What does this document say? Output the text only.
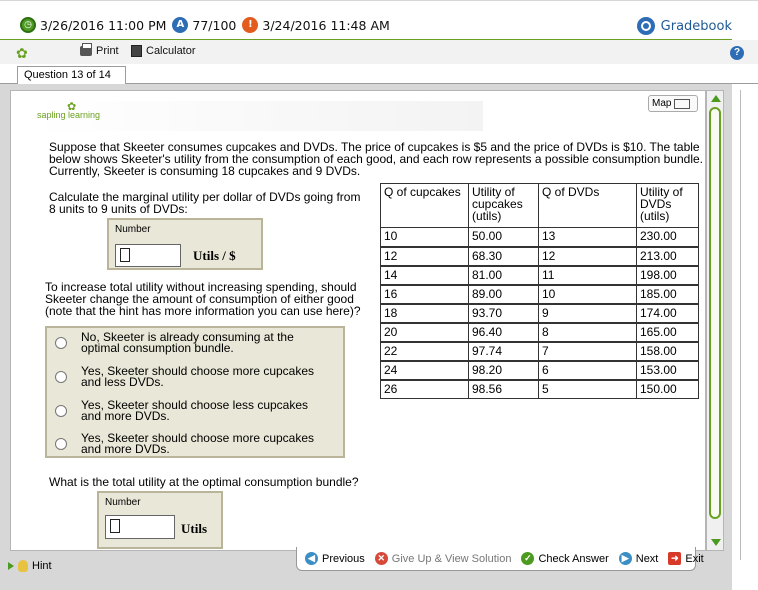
◷ 3/26/2016 11:00 PM	A 77/100	! 3/24/2016 11:48 AM	Gradebook
✿	Print Calculator	?
Question 13 of 14
✿
sapling learning
Map
Suppose that Skeeter consumes cupcakes and DVDs. The price of cupcakes is $5 and the price of DVDs is $10. The table below shows Skeeter's utility from the consumption of each good, and each row represents a possible consumption bundle. Currently, Skeeter is consuming 18 cupcakes and 9 DVDs.
Calculate the marginal utility per dollar of DVDs going from 8 units to 9 units of DVDs:
Number
Utils / $
To increase total utility without increasing spending, should Skeeter change the amount of consumption of either good (note that the hint has more information you can use here)?
No, Skeeter is already consuming at the optimal consumption bundle.
Yes, Skeeter should choose more cupcakes and less DVDs.
Yes, Skeeter should choose less cupcakes and more DVDs.
Yes, Skeeter should choose more cupcakes and more DVDs.
What is the total utility at the optimal consumption bundle?
Number
Utils
Q of cupcakes	Utility of cupcakes (utils)	Q of DVDs	Utility of DVDs (utils)
10	50.00	13	230.00
12	68.30	12	213.00
14	81.00	11	198.00
16	89.00	10	185.00
18	93.70	9	174.00
20	96.40	8	165.00
22	97.74	7	158.00
24	98.20	6	153.00
26	98.56	5	150.00
Hint
◀ Previous	✕ Give Up & View Solution	✓ Check Answer	▶ Next	➜ Exit
